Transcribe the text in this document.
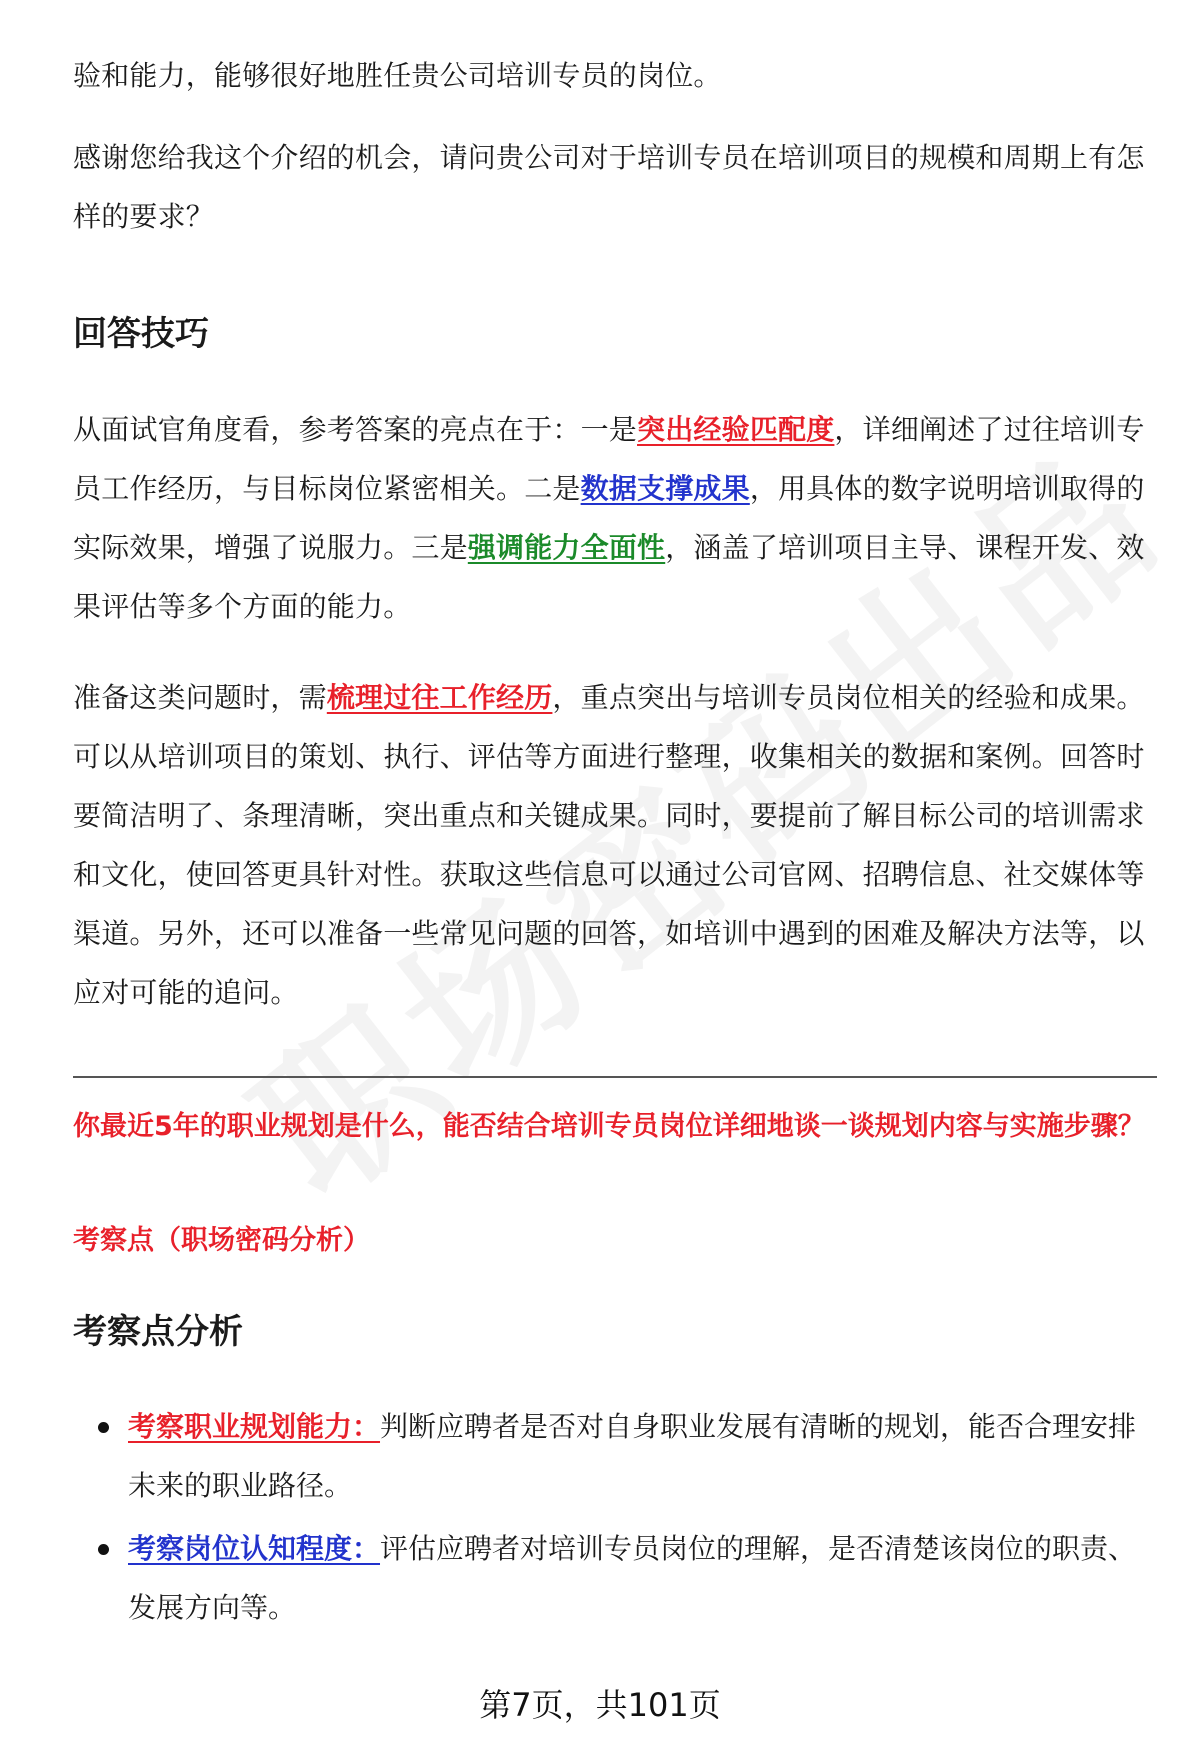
验和能力，能够很好地胜任贵公司培训专员的岗位。

感谢您给我这个介绍的机会，请问贵公司对于培训专员在培训项目的规模和周期上有怎样的要求？

回答技巧

从面试官角度看，参考答案的亮点在于：一是突出经验匹配度，详细阐述了过往培训专员工作经历，与目标岗位紧密相关。二是数据支撑成果，用具体的数字说明培训取得的实际效果，增强了说服力。三是强调能力全面性，涵盖了培训项目主导、课程开发、效果评估等多个方面的能力。

准备这类问题时，需梳理过往工作经历，重点突出与培训专员岗位相关的经验和成果。可以从培训项目的策划、执行、评估等方面进行整理，收集相关的数据和案例。回答时要简洁明了、条理清晰，突出重点和关键成果。同时，要提前了解目标公司的培训需求和文化，使回答更具针对性。获取这些信息可以通过公司官网、招聘信息、社交媒体等渠道。另外，还可以准备一些常见问题的回答，如培训中遇到的困难及解决方法等，以应对可能的追问。

你最近5年的职业规划是什么，能否结合培训专员岗位详细地谈一谈规划内容与实施步骤？

考察点（职场密码分析）

考察点分析
考察职业规划能力：判断应聘者是否对自身职业发展有清晰的规划，能否合理安排未来的职业路径。
考察岗位认知程度：评估应聘者对培训专员岗位的理解，是否清楚该岗位的职责、发展方向等。
第7页，共101页
